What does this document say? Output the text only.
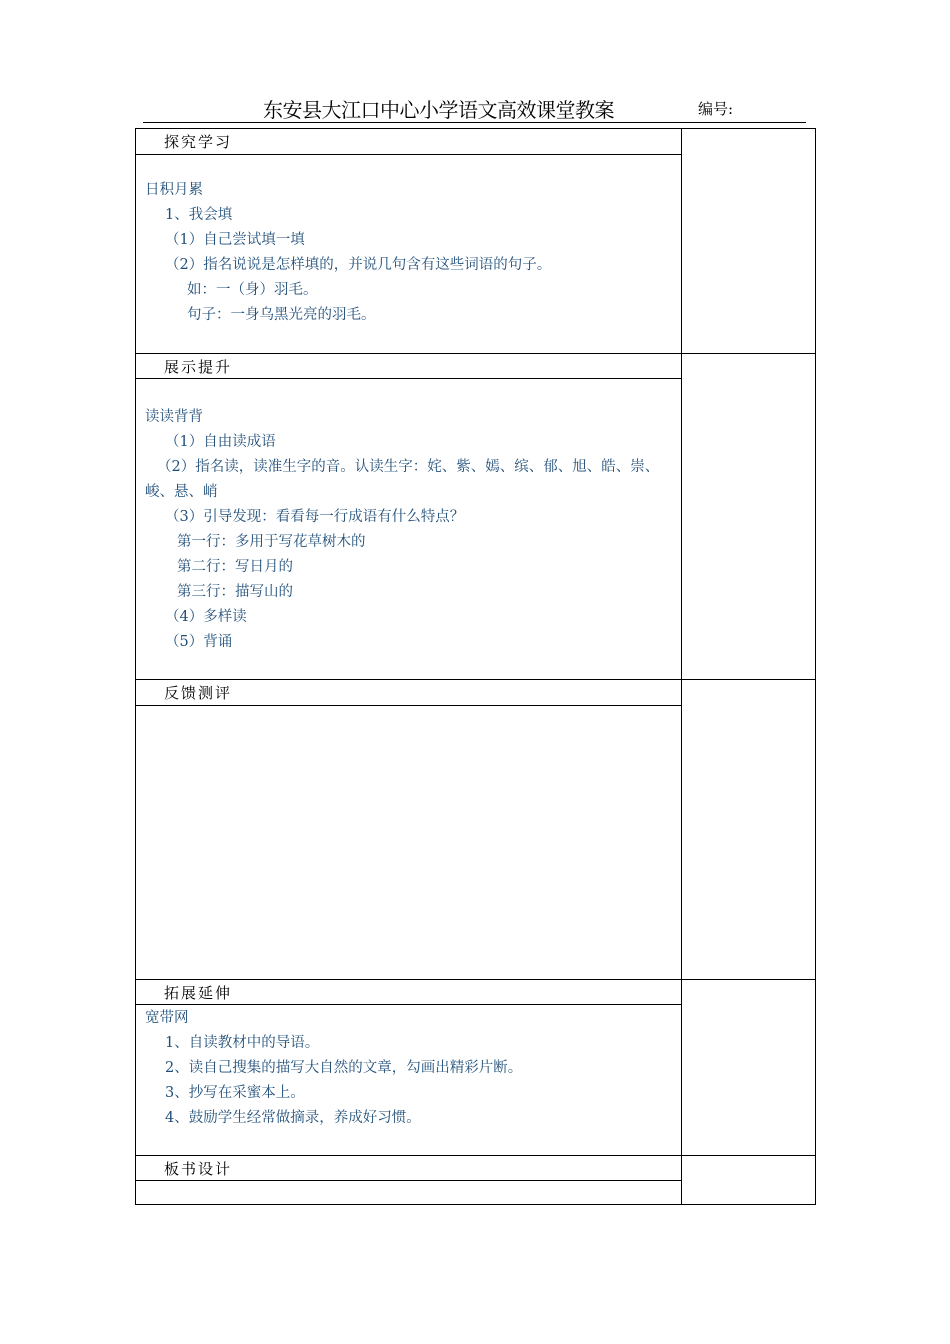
东安县大江口中心小学语文高效课堂教案	编号:
探究学习
日积月累
1、我会填
（1）自己尝试填一填
（2）指名说说是怎样填的，并说几句含有这些词语的句子。
如：一（身）羽毛。
句子：一身乌黑光亮的羽毛。
展示提升
读读背背
（1）自由读成语
（2）指名读，读准生字的音。认读生字：姹、紫、嫣、缤、郁、旭、皓、崇、峻、悬、峭
（3）引导发现：看看每一行成语有什么特点？
第一行：多用于写花草树木的
第二行：写日月的
第三行：描写山的
（4）多样读
（5）背诵
反馈测评
拓展延伸
宽带网
1、自读教材中的导语。
2、读自己搜集的描写大自然的文章，勾画出精彩片断。
3、抄写在采蜜本上。
4、鼓励学生经常做摘录，养成好习惯。
板书设计
